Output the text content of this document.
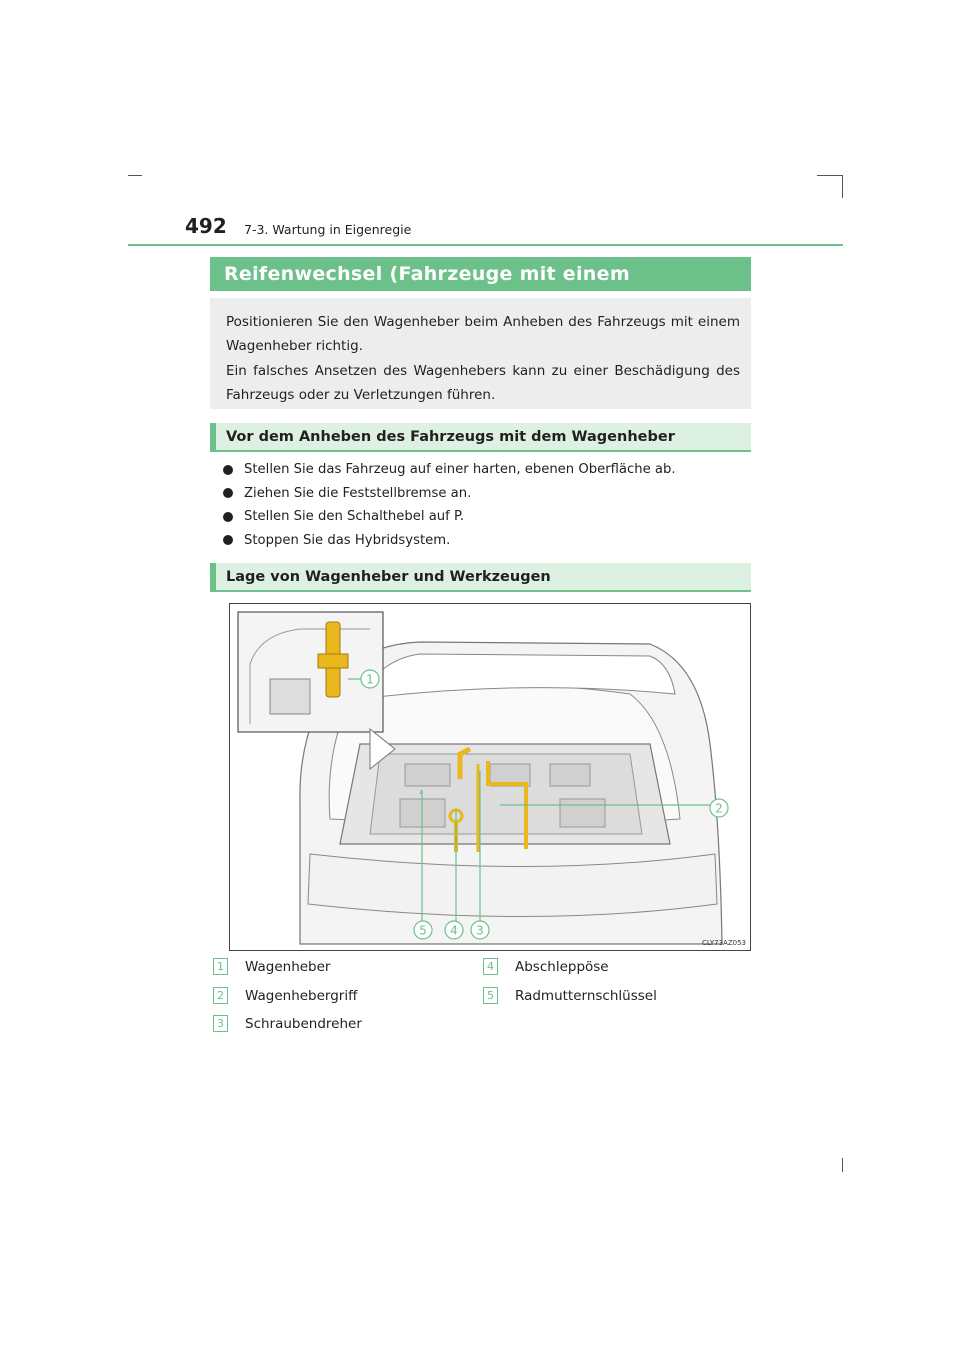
492 7-3. Wartung in Eigenregie
Reifenwechsel (Fahrzeuge mit einem

Positionieren Sie den Wagenheber beim Anheben des Fahrzeugs mit einem Wagenheber richtig.

Ein falsches Ansetzen des Wagenhebers kann zu einer Beschädigung des Fahrzeugs oder zu Verletzungen führen.

Vor dem Anheben des Fahrzeugs mit dem Wagenheber
Stellen Sie das Fahrzeug auf einer harten, ebenen Oberfläche ab.
Ziehen Sie die Feststellbremse an.
Stellen Sie den Schalthebel auf P.
Stoppen Sie das Hybridsystem.
Lage von Wagenheber und Werkzeugen
1
2
3
4
5
CLY73AZ053
1 Wagenheber
2 Wagenhebergriff
3 Schraubendreher
4 Abschleppöse
5 Radmutternschlüssel
